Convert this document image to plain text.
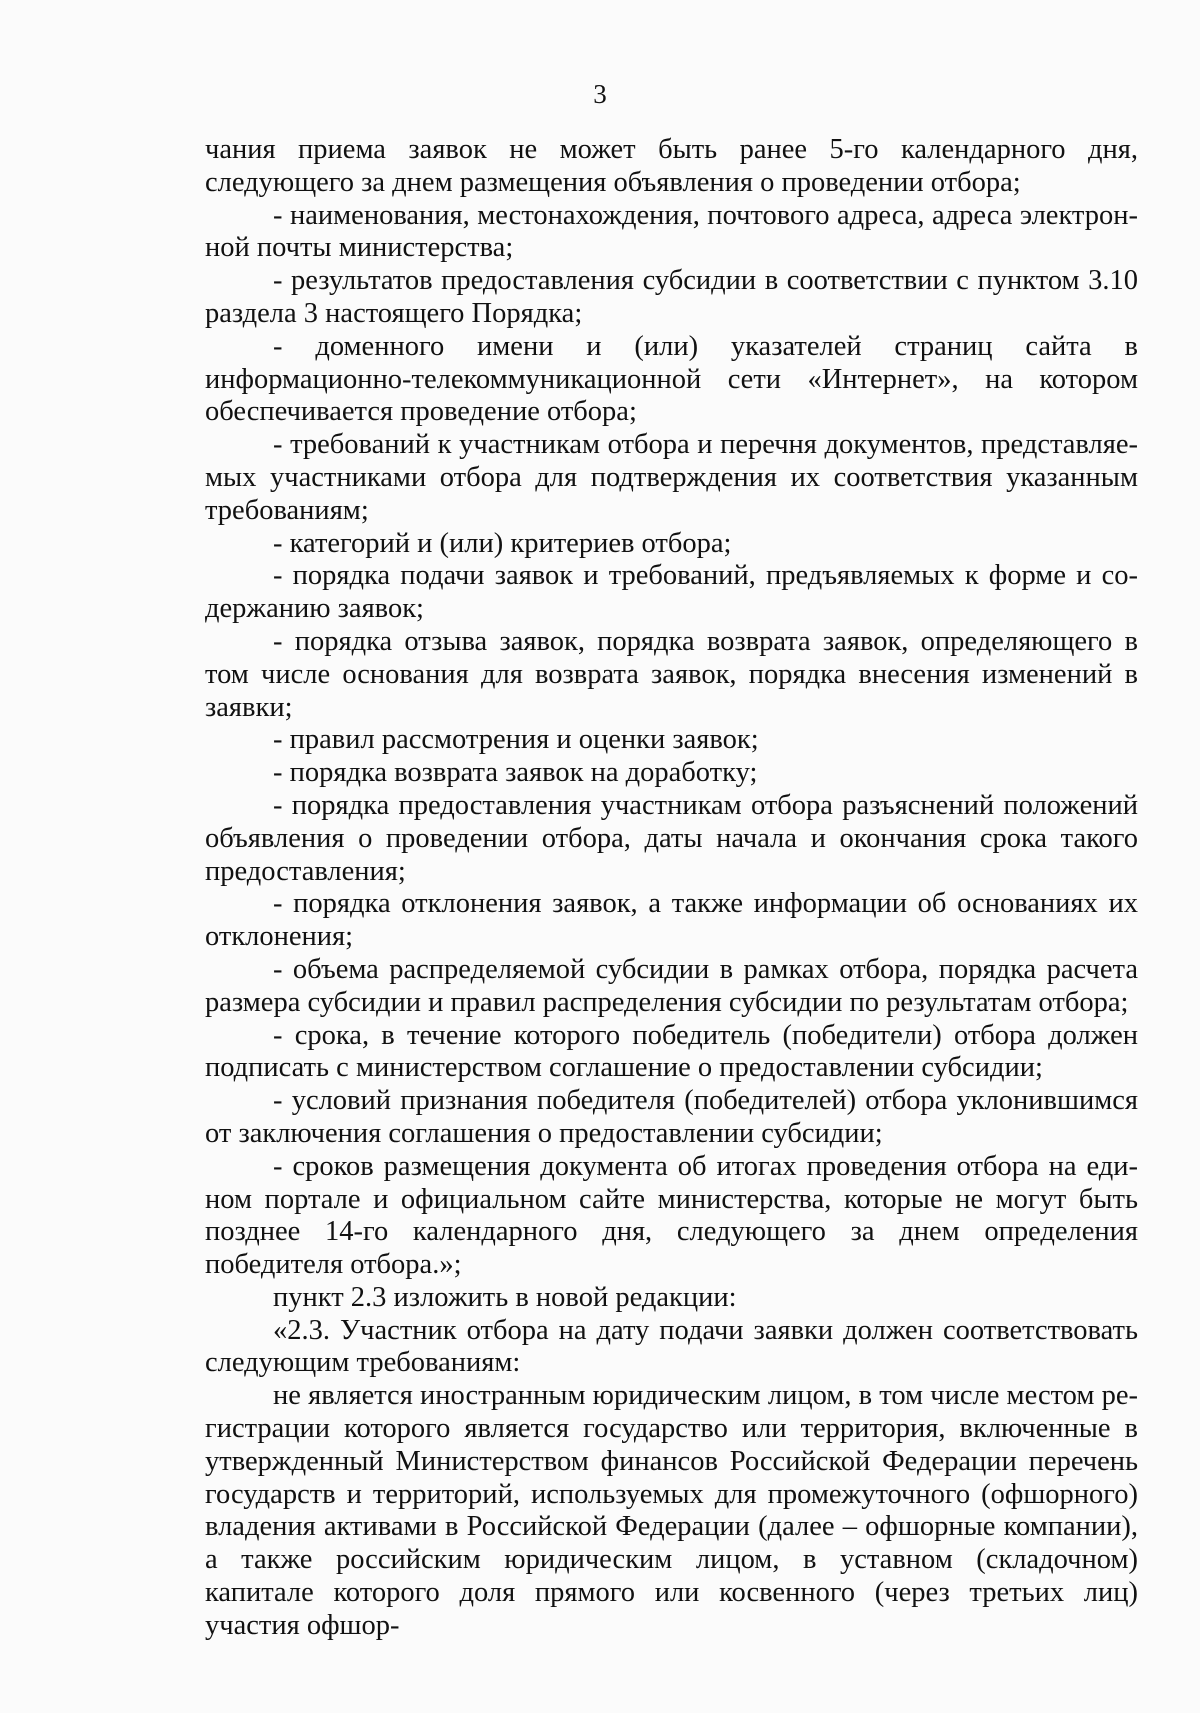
3

чания приема заявок не может быть ранее 5-го календарного дня, следующего за днем размещения объявления о проведении отбора;

- наименования, местонахождения, почтового адреса, адреса электронной почты министерства;

- результатов предоставления субсидии в соответствии с пунктом 3.10 раздела 3 настоящего Порядка;

- доменного имени и (или) указателей страниц сайта в информационно-телекоммуникационной сети «Интернет», на котором обеспечивается проведение отбора;

- требований к участникам отбора и перечня документов, представляемых участниками отбора для подтверждения их соответствия указанным требованиям;

- категорий и (или) критериев отбора;

- порядка подачи заявок и требований, предъявляемых к форме и содержанию заявок;

- порядка отзыва заявок, порядка возврата заявок, определяющего в том числе основания для возврата заявок, порядка внесения изменений в заявки;

- правил рассмотрения и оценки заявок;

- порядка возврата заявок на доработку;

- порядка предоставления участникам отбора разъяснений положений объявления о проведении отбора, даты начала и окончания срока такого предоставления;

- порядка отклонения заявок, а также информации об основаниях их отклонения;

- объема распределяемой субсидии в рамках отбора, порядка расчета размера субсидии и правил распределения субсидии по результатам отбора;

- срока, в течение которого победитель (победители) отбора должен подписать с министерством соглашение о предоставлении субсидии;

- условий признания победителя (победителей) отбора уклонившимся от заключения соглашения о предоставлении субсидии;

- сроков размещения документа об итогах проведения отбора на едином портале и официальном сайте министерства, которые не могут быть позднее 14-го календарного дня, следующего за днем определения победителя отбора.»;

пункт 2.3 изложить в новой редакции:

«2.3. Участник отбора на дату подачи заявки должен соответствовать следующим требованиям:

не является иностранным юридическим лицом, в том числе местом регистрации которого является государство или территория, включенные в утвержденный Министерством финансов Российской Федерации перечень государств и территорий, используемых для промежуточного (офшорного) владения активами в Российской Федерации (далее – офшорные компании), а также российским юридическим лицом, в уставном (складочном) капитале которого доля прямого или косвенного (через третьих лиц) участия офшор-
